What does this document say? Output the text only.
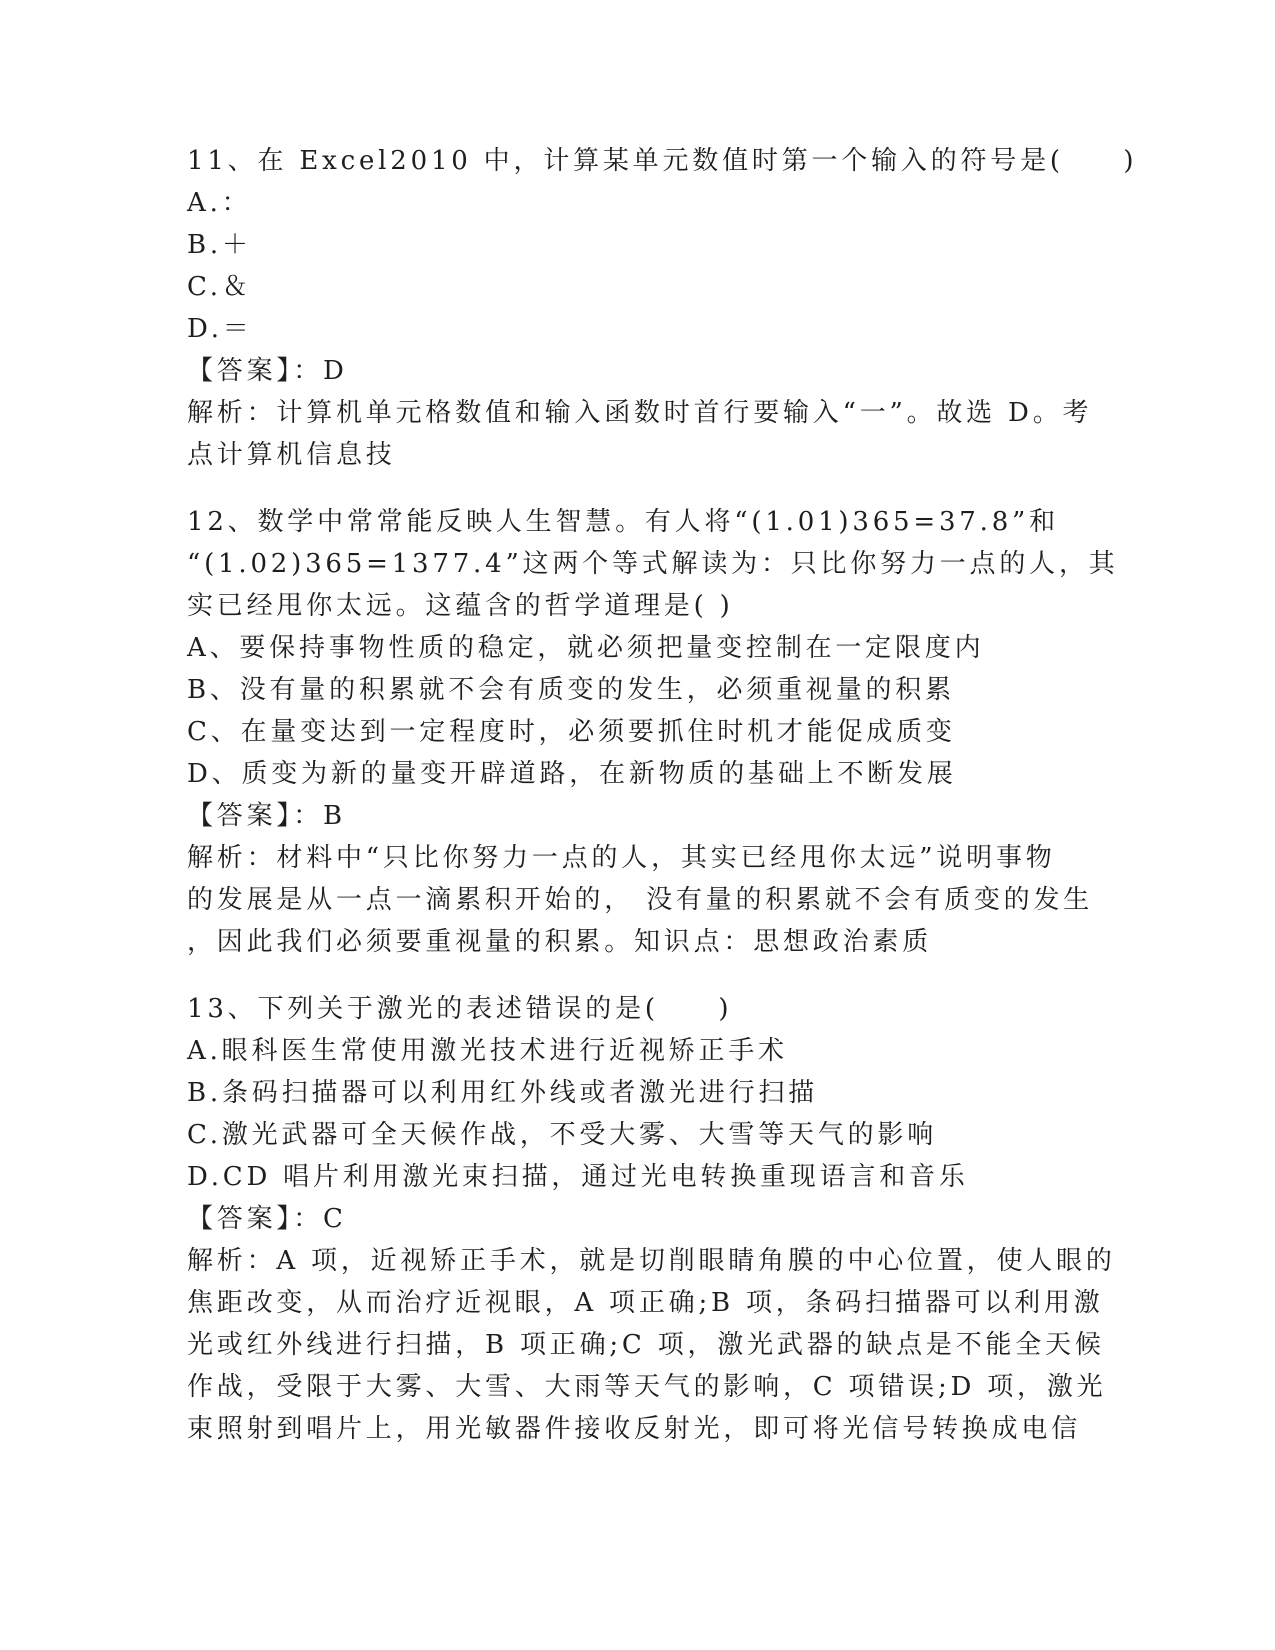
11、在 Excel2010 中，计算某单元数值时第一个输入的符号是(　　)
A.：
B.＋
C.＆
D.＝
【答案】：D
解析：计算机单元格数值和输入函数时首行要输入“一”。故选 D。考
点计算机信息技
12、数学中常常能反映人生智慧。有人将“(1.01)365=37.8”和
“(1.02)365=1377.4”这两个等式解读为：只比你努力一点的人，其
实已经甩你太远。这蕴含的哲学道理是( )
A、要保持事物性质的稳定，就必须把量变控制在一定限度内
B、没有量的积累就不会有质变的发生，必须重视量的积累
C、在量变达到一定程度时，必须要抓住时机才能促成质变
D、质变为新的量变开辟道路，在新物质的基础上不断发展
【答案】：B
解析：材料中“只比你努力一点的人，其实已经甩你太远”说明事物
的发展是从一点一滴累积开始的， 没有量的积累就不会有质变的发生
，因此我们必须要重视量的积累。知识点：思想政治素质
13、下列关于激光的表述错误的是(　　)
A.眼科医生常使用激光技术进行近视矫正手术
B.条码扫描器可以利用红外线或者激光进行扫描
C.激光武器可全天候作战，不受大雾、大雪等天气的影响
D.CD 唱片利用激光束扫描，通过光电转换重现语言和音乐
【答案】：C
解析：A 项，近视矫正手术，就是切削眼睛角膜的中心位置，使人眼的
焦距改变，从而治疗近视眼，A 项正确;B 项，条码扫描器可以利用激
光或红外线进行扫描，B 项正确;C 项，激光武器的缺点是不能全天候
作战，受限于大雾、大雪、大雨等天气的影响，C 项错误;D 项，激光
束照射到唱片上，用光敏器件接收反射光，即可将光信号转换成电信
